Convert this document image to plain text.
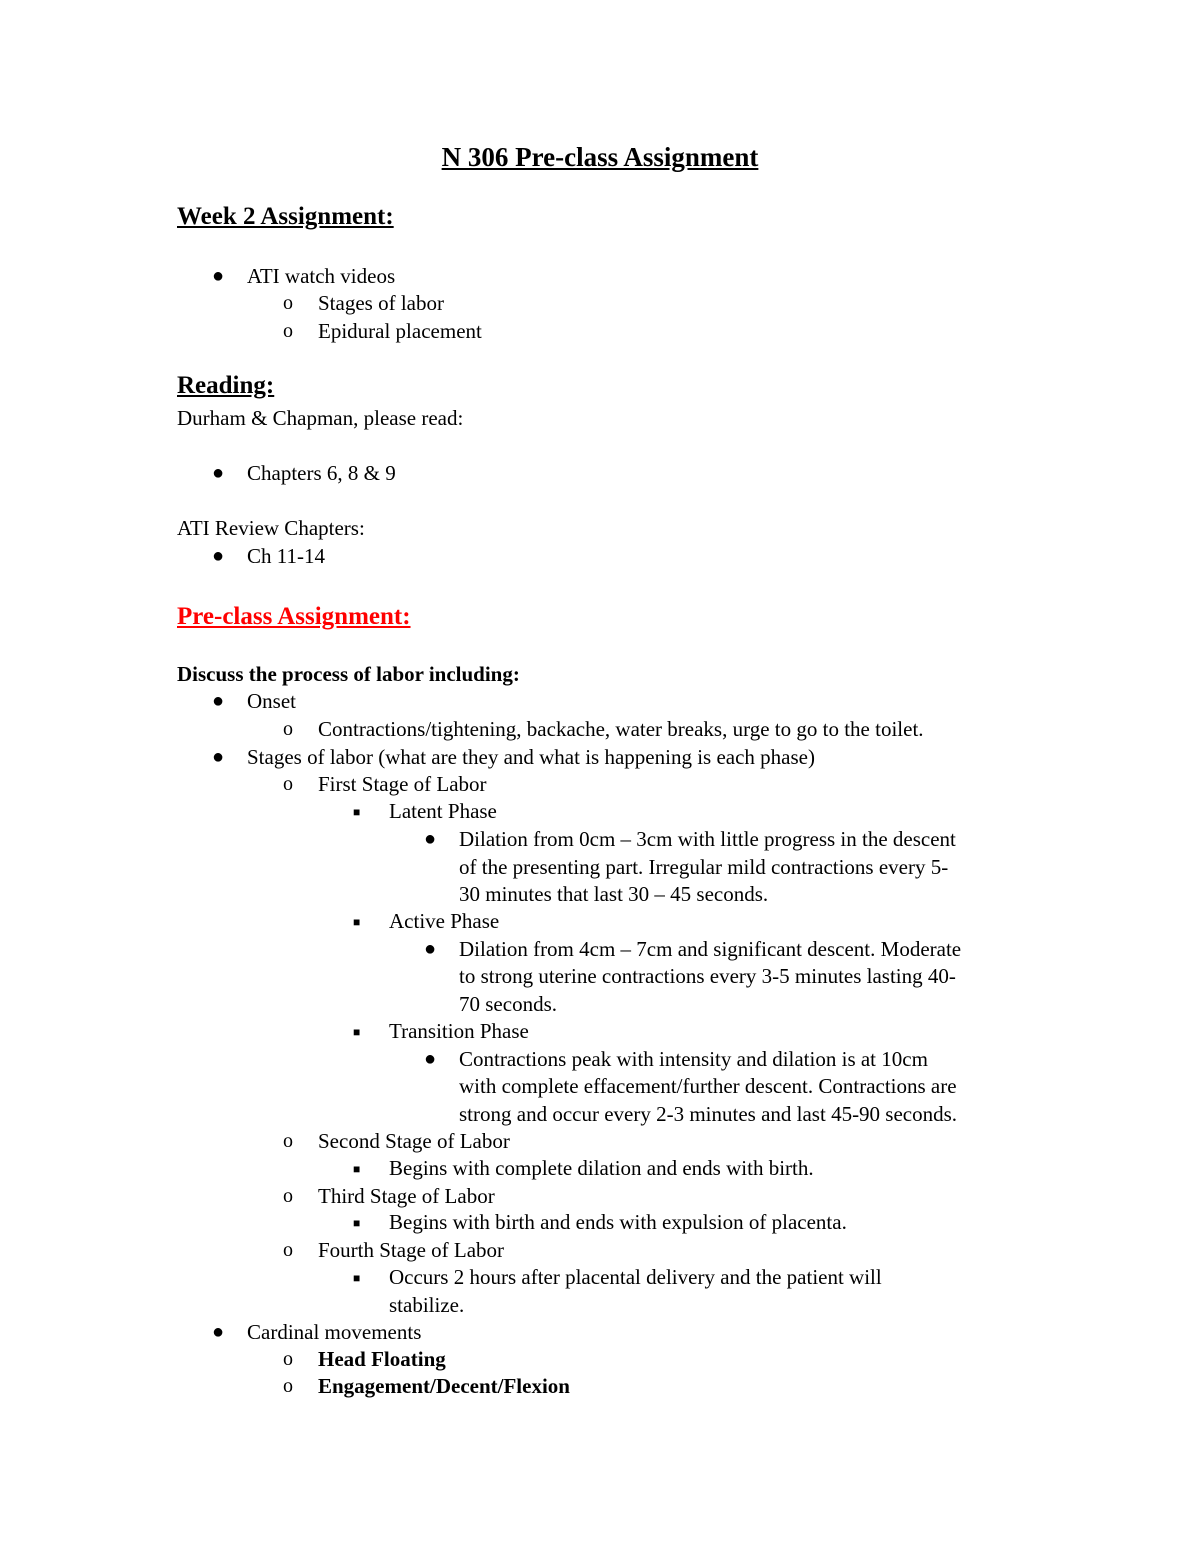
N 306 Pre-class Assignment
Week 2 Assignment:
● ATI watch videos
o Stages of labor
o Epidural placement
Reading:
Durham & Chapman, please read:
● Chapters 6, 8 & 9
ATI Review Chapters:
● Ch 11-14
Pre-class Assignment:
Discuss the process of labor including:
● Onset
o Contractions/tightening, backache, water breaks, urge to go to the toilet.
● Stages of labor (what are they and what is happening is each phase)
o First Stage of Labor
■ Latent Phase
● Dilation from 0cm – 3cm with little progress in the descent
of the presenting part. Irregular mild contractions every 5-
30 minutes that last 30 – 45 seconds.
■ Active Phase
● Dilation from 4cm – 7cm and significant descent. Moderate
to strong uterine contractions every 3-5 minutes lasting 40-
70 seconds.
■ Transition Phase
● Contractions peak with intensity and dilation is at 10cm
with complete effacement/further descent. Contractions are
strong and occur every 2-3 minutes and last 45-90 seconds.
o Second Stage of Labor
■ Begins with complete dilation and ends with birth.
o Third Stage of Labor
■ Begins with birth and ends with expulsion of placenta.
o Fourth Stage of Labor
■ Occurs 2 hours after placental delivery and the patient will
stabilize.
● Cardinal movements
o Head Floating
o Engagement/Decent/Flexion
